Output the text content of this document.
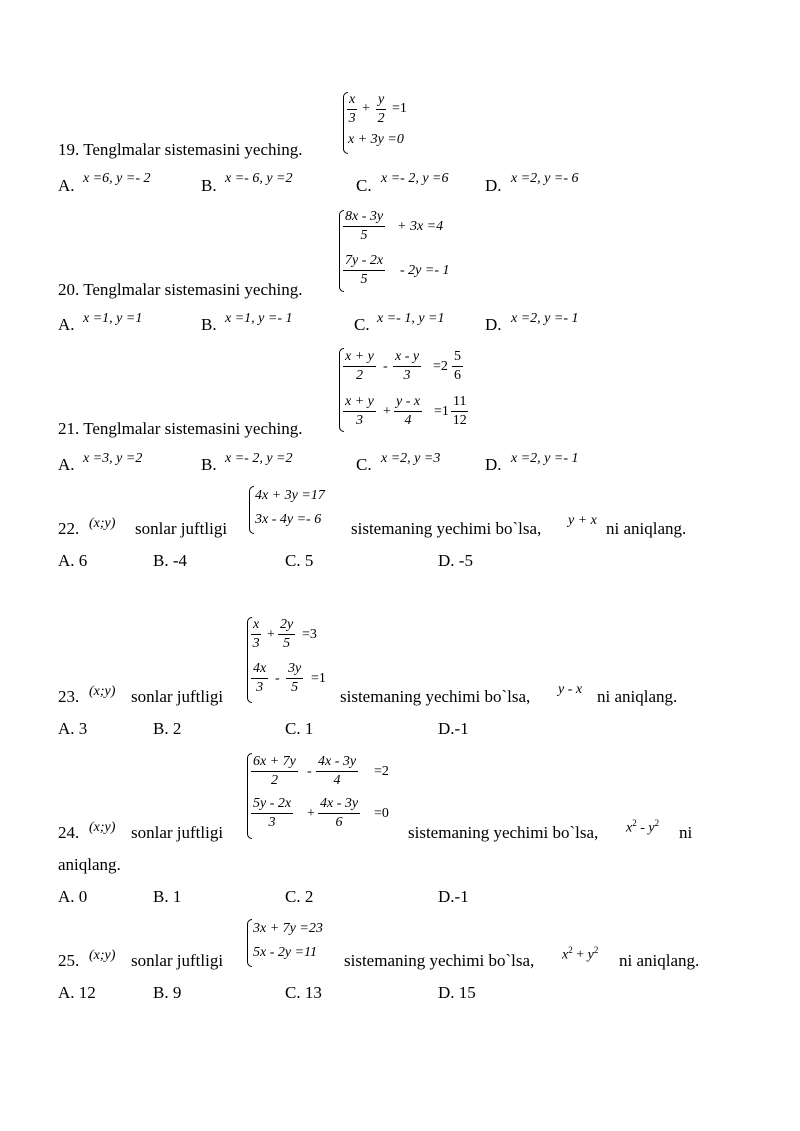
x
3
+
y
2
=1
x + 3y =0
19. Tenglmalar sistemasini yeching.
A. x =6, y =- 2	B. x =- 6, y =2	C. x =- 2, y =6 D. x =2, y =- 6
8x - 3y
5
+ 3x =4
7y - 2x
5
- 2y =- 1
20. Tenglmalar sistemasini yeching.
A. x =1, y =1	B. x =1, y =- 1	C. x =- 1, y =1 D. x =2, y =- 1
x + y
2
-
x - y
3
=2
5
6
x + y
3
+
y - x
4
=1
11
12
21. Tenglmalar sistemasini yeching.
A. x =3, y =2	B. x =- 2, y =2	C. x =2, y =3	D. x =2, y =- 1
4x + 3y =17
3x - 4y =- 6
22. (x;y) sonlar juftligi	sistemaning yechimi bo`lsa, y + x ni aniqlang.
A. 6	B. -4	C. 5	D. -5
x
3
+
2y
5
=3
4x
3
-
3y
5
=1
23. (x;y) sonlar juftligi	sistemaning yechimi bo`lsa, y - x ni aniqlang.
A. 3	B. 2	C. 1	D.-1
6x + 7y
2
-
4x - 3y
4
=2
5y - 2x
3
+
4x - 3y
6
=0
24. (x;y) sonlar juftligi	sistemaning yechimi bo`lsa, $x^2 - y^2$ ni
aniqlang.
A. 0	B. 1	C. 2	D.-1
3x + 7y =23
5x - 2y =11
25. (x;y) sonlar juftligi	sistemaning yechimi bo`lsa, $x^2 + y^2$
ni aniqlang.
A. 12	B. 9	C. 13	D. 15
